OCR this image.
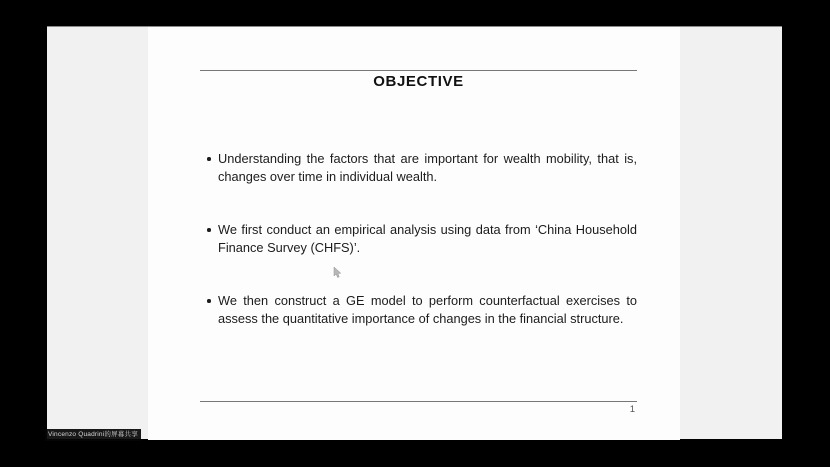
OBJECTIVE
Understanding the factors that are important for wealth mobility, that is, changes over time in individual wealth.
We first conduct an empirical analysis using data from ‘China Household Finance Survey (CHFS)’.
We then construct a GE model to perform counterfactual exercises to assess the quantitative importance of changes in the financial structure.
1
Vincenzo Quadrini的屏幕共享
